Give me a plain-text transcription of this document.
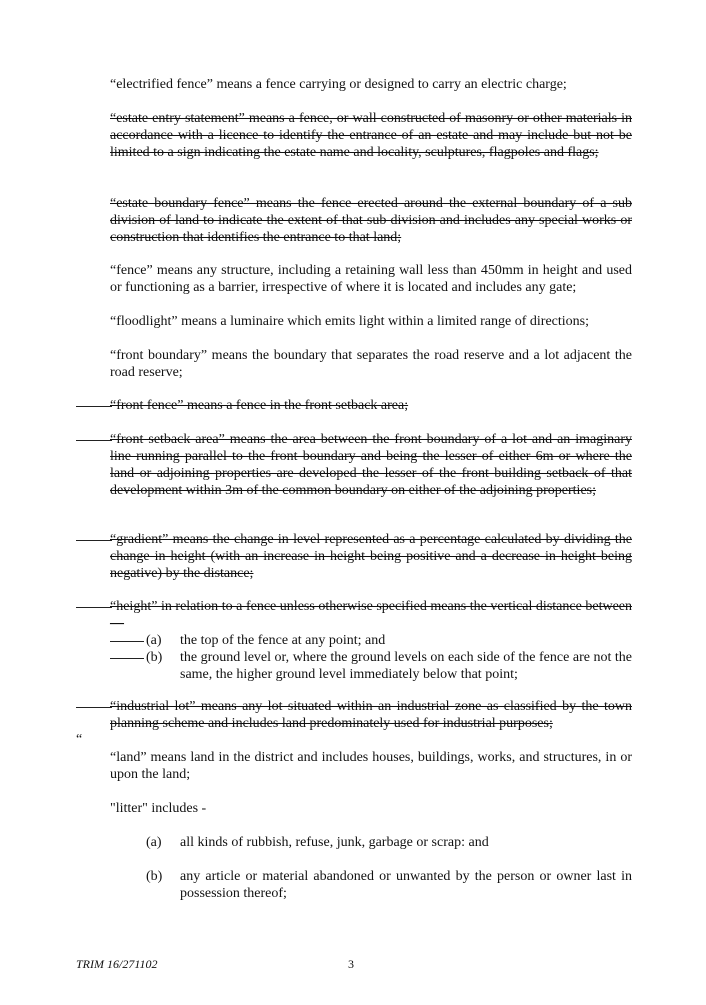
“electrified fence” means a fence carrying or designed to carry an electric charge;

“estate entry statement” means a fence, or wall constructed of masonry or other materials in accordance with a licence to identify the entrance of an estate and may include but not be limited to a sign indicating the estate name and locality, sculptures, flagpoles and flags;

“estate boundary fence” means the fence erected around the external boundary of a sub division of land to indicate the extent of that sub division and includes any special works or construction that identifies the entrance to that land;

“fence” means any structure, including a retaining wall less than 450mm in height and used or functioning as a barrier, irrespective of where it is located and includes any gate;

“floodlight” means a luminaire which emits light within a limited range of directions;

“front boundary” means the boundary that separates the road reserve and a lot adjacent the road reserve;

“front fence” means a fence in the front setback area;

“front setback area” means the area between the front boundary of a lot and an imaginary line running parallel to the front boundary and being the lesser of either 6m or where the land or adjoining properties are developed the lesser of the front building setback of that development within 3m of the common boundary on either of the adjoining properties;

“gradient” means the change in level represented as a percentage calculated by dividing the change in height (with an increase in height being positive and a decrease in height being negative) by the distance;

“height” in relation to a fence unless otherwise specified means the vertical distance between—

(a) the top of the fence at any point; and
(b) the ground level or, where the ground levels on each side of the fence are not the same, the higher ground level immediately below that point;

“industrial lot” means any lot situated within an industrial zone as classified by the town planning scheme and includes land predominately used for industrial purposes;

“

“land” means land in the district and includes houses, buildings, works, and structures, in or upon the land;

"litter" includes -

(a) all kinds of rubbish, refuse, junk, garbage or scrap: and
(b) any article or material abandoned or unwanted by the person or owner last in possession thereof;
TRIM 16/271102	3
